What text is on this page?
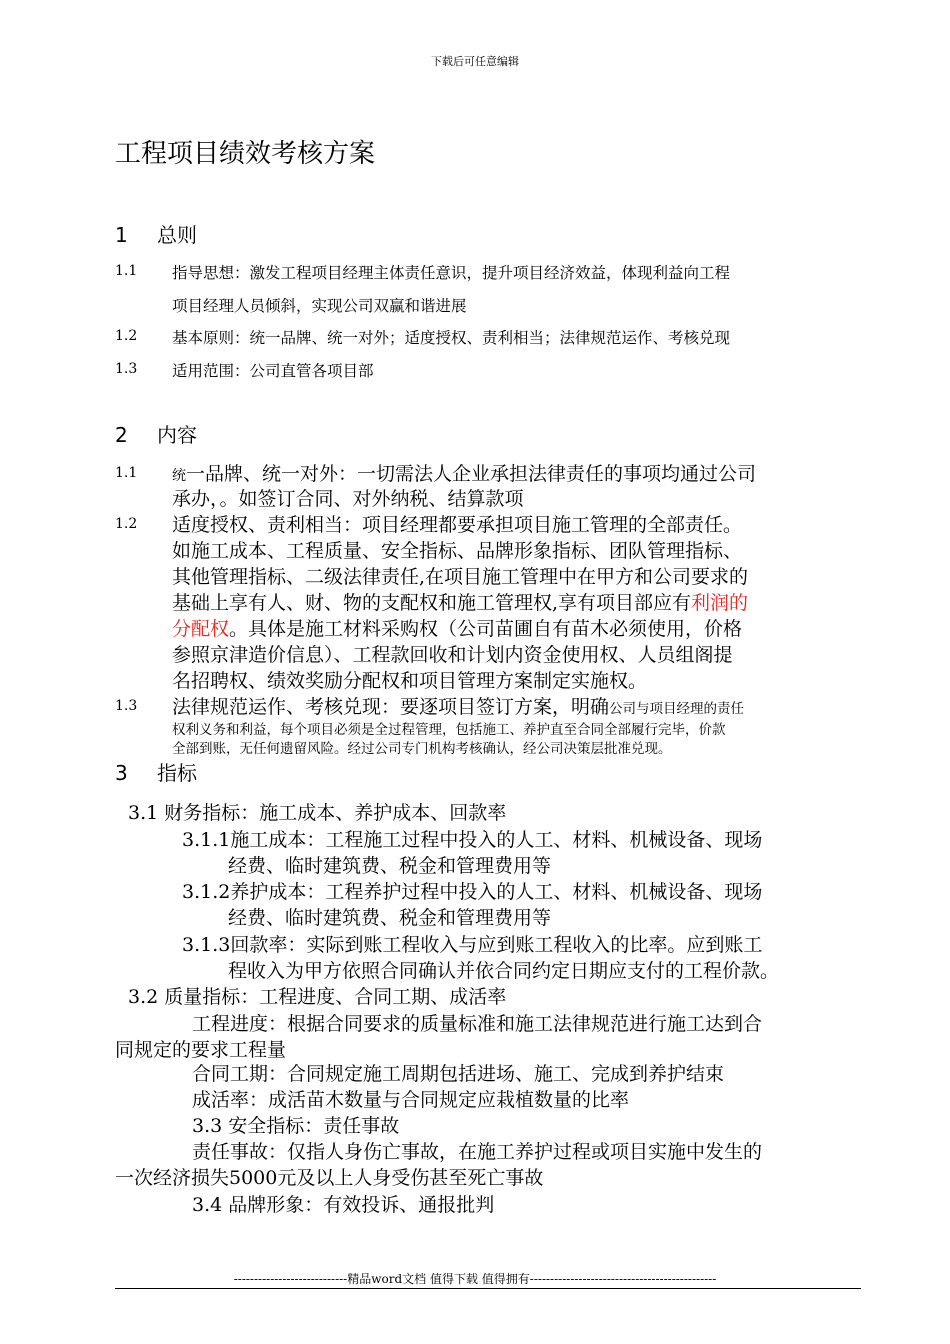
下载后可任意编辑
工程项目绩效考核方案
1 总则
1.1 指导思想：激发工程项目经理主体责任意识，提升项目经济效益，体现利益向工程
项目经理人员倾斜，实现公司双赢和谐进展
1.2 基本原则：统一品牌、统一对外；适度授权、责利相当；法律规范运作、考核兑现
1.3 适用范围：公司直管各项目部
2 内容
1.1 统一品牌、统一对外：一切需法人企业承担法律责任的事项均通过公司
承办，。如签订合同、对外纳税、结算款项
1.2 适度授权、责利相当：项目经理都要承担项目施工管理的全部责任。
如施工成本、工程质量、安全指标、品牌形象指标、团队管理指标、
其他管理指标、二级法律责任,在项目施工管理中在甲方和公司要求的
基础上享有人、财、物的支配权和施工管理权,享有项目部应有利润的
分配权。具体是施工材料采购权（公司苗圃自有苗木必须使用，价格
参照京津造价信息）、工程款回收和计划内资金使用权、人员组阁提
名招聘权、绩效奖励分配权和项目管理方案制定实施权。
1.3 法律规范运作、考核兑现：要逐项目签订方案，明确公司与项目经理的责任
权利义务和利益，每个项目必须是全过程管理，包括施工、养护直至合同全部履行完毕，价款
全部到账，无任何遗留风险。经过公司专门机构考核确认，经公司决策层批准兑现。
3 指标
3.1 财务指标：施工成本、养护成本、回款率
3.1.1施工成本：工程施工过程中投入的人工、材料、机械设备、现场
经费、临时建筑费、税金和管理费用等
3.1.2养护成本：工程养护过程中投入的人工、材料、机械设备、现场
经费、临时建筑费、税金和管理费用等
3.1.3回款率：实际到账工程收入与应到账工程收入的比率。应到账工
程收入为甲方依照合同确认并依合同约定日期应支付的工程价款。
3.2 质量指标：工程进度、合同工期、成活率
工程进度：根据合同要求的质量标准和施工法律规范进行施工达到合
同规定的要求工程量
合同工期：合同规定施工周期包括进场、施工、完成到养护结束
成活率：成活苗木数量与合同规定应栽植数量的比率
3.3 安全指标：责任事故
责任事故：仅指人身伤亡事故，在施工养护过程或项目实施中发生的
一次经济损失5000元及以上人身受伤甚至死亡事故
3.4 品牌形象：有效投诉、通报批判
----------------------------精品word文档 值得下载 值得拥有----------------------------------------------
